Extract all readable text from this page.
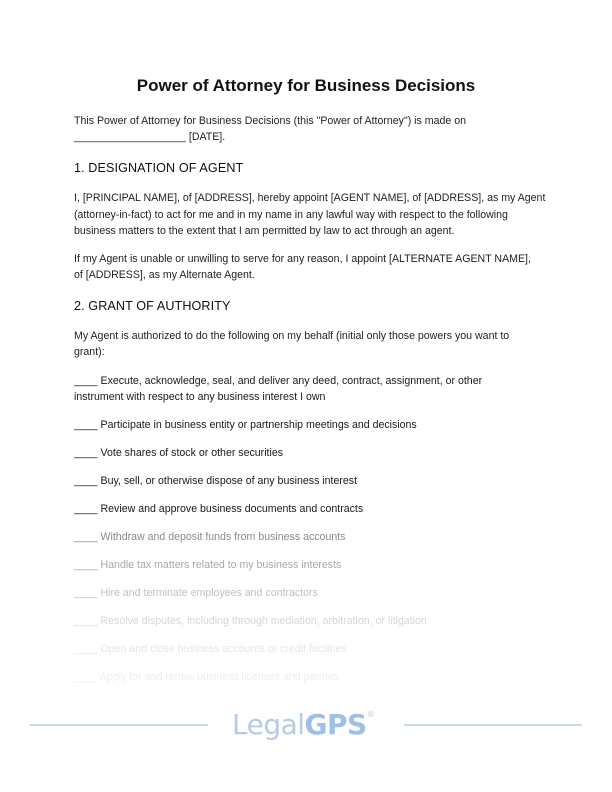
Power of Attorney for Business Decisions
This Power of Attorney for Business Decisions (this "Power of Attorney") is made on
___________________ [DATE].
1. DESIGNATION OF AGENT
I, [PRINCIPAL NAME], of [ADDRESS], hereby appoint [AGENT NAME], of [ADDRESS], as my Agent
(attorney-in-fact) to act for me and in my name in any lawful way with respect to the following
business matters to the extent that I am permitted by law to act through an agent.
If my Agent is unable or unwilling to serve for any reason, I appoint [ALTERNATE AGENT NAME],
of [ADDRESS], as my Alternate Agent.
2. GRANT OF AUTHORITY
My Agent is authorized to do the following on my behalf (initial only those powers you want to
grant):
____ Execute, acknowledge, seal, and deliver any deed, contract, assignment, or other
instrument with respect to any business interest I own
____ Participate in business entity or partnership meetings and decisions
____ Vote shares of stock or other securities
____ Buy, sell, or otherwise dispose of any business interest
____ Review and approve business documents and contracts
____ Withdraw and deposit funds from business accounts
____ Handle tax matters related to my business interests
____ Hire and terminate employees and contractors
____ Resolve disputes, including through mediation, arbitration, or litigation
____ Open and close business accounts or credit facilities
____ Apply for and renew business licenses and permits
LegalGPS®
